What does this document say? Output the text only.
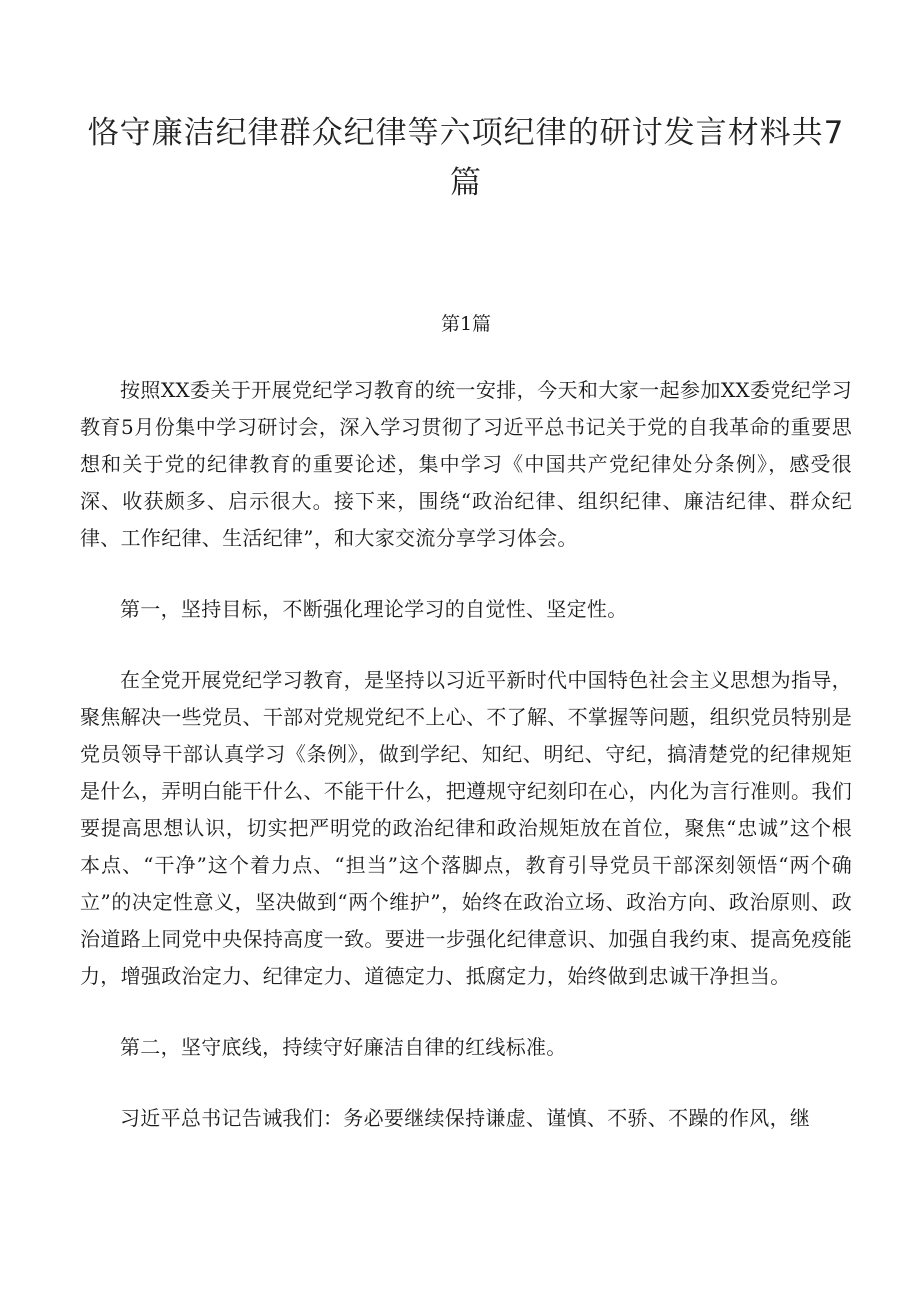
恪守廉洁纪律群众纪律等六项纪律的研讨发言材料共7篇
第1篇

按照XX委关于开展党纪学习教育的统一安排，今天和大家一起参加XX委党纪学习教育5月份集中学习研讨会，深入学习贯彻了习近平总书记关于党的自我革命的重要思想和关于党的纪律教育的重要论述，集中学习《中国共产党纪律处分条例》，感受很深、收获颇多、启示很大。接下来，围绕“政治纪律、组织纪律、廉洁纪律、群众纪律、工作纪律、生活纪律”，和大家交流分享学习体会。

第一，坚持目标，不断强化理论学习的自觉性、坚定性。

在全党开展党纪学习教育，是坚持以习近平新时代中国特色社会主义思想为指导，聚焦解决一些党员、干部对党规党纪不上心、不了解、不掌握等问题，组织党员特别是党员领导干部认真学习《条例》，做到学纪、知纪、明纪、守纪，搞清楚党的纪律规矩是什么，弄明白能干什么、不能干什么，把遵规守纪刻印在心，内化为言行准则。我们要提高思想认识，切实把严明党的政治纪律和政治规矩放在首位，聚焦“忠诚”这个根本点、“干净”这个着力点、“担当”这个落脚点，教育引导党员干部深刻领悟“两个确立”的决定性意义，坚决做到“两个维护”，始终在政治立场、政治方向、政治原则、政治道路上同党中央保持高度一致。要进一步强化纪律意识、加强自我约束、提高免疫能力，增强政治定力、纪律定力、道德定力、抵腐定力，始终做到忠诚干净担当。

第二，坚守底线，持续守好廉洁自律的红线标准。

习近平总书记告诫我们：务必要继续保持谦虚、谨慎、不骄、不躁的作风，继
